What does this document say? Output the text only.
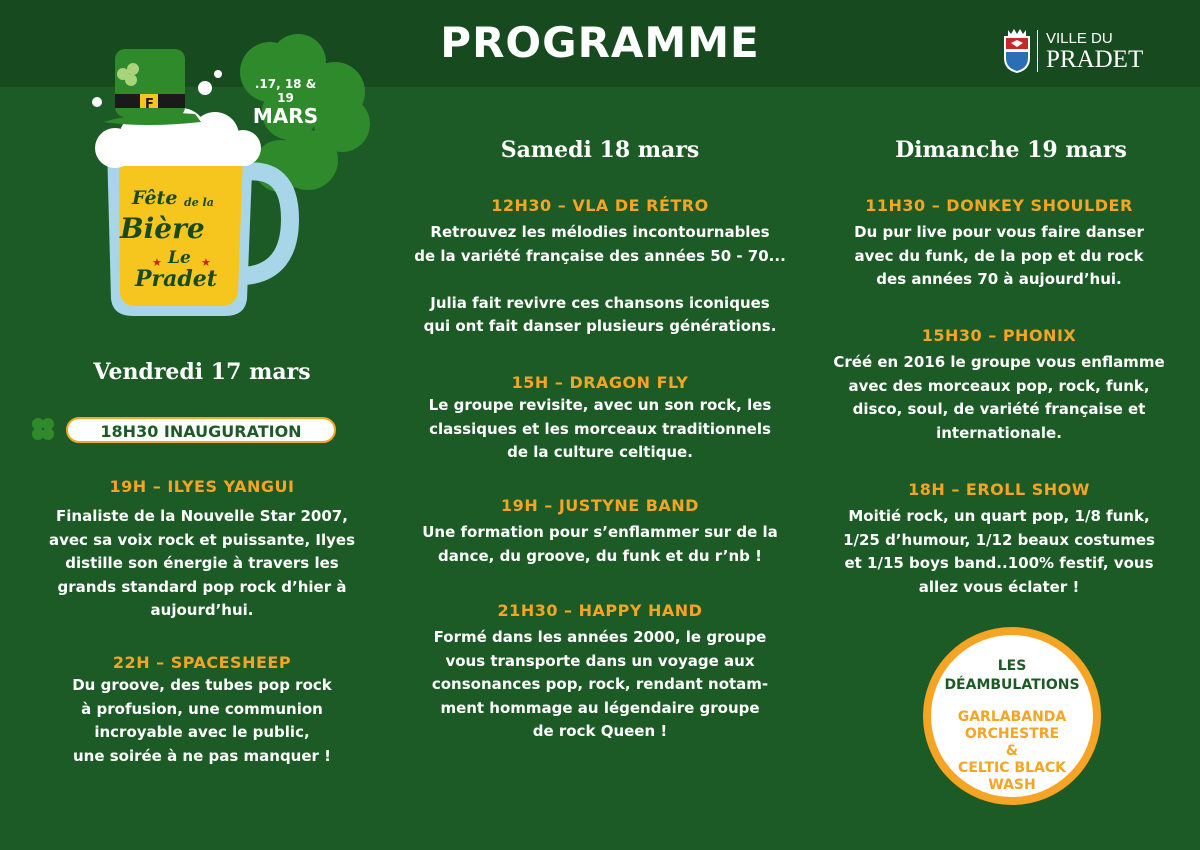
PROGRAMME	VILLE DU
PRADET
Fête de la
Bière
★ Le ★
Pradet
F
.17, 18 & 19
MARS
Vendredi 17 mars
18H30 INAUGURATION
19H – ILYES YANGUI
Finaliste de la Nouvelle Star 2007,
avec sa voix rock et puissante, Ilyes
distille son énergie à travers les
grands standard pop rock d’hier à
aujourd’hui.
22H – SPACESHEEP
Du groove, des tubes pop rock
à profusion, une communion
incroyable avec le public,
une soirée à ne pas manquer !
Samedi 18 mars
12H30 – VLA DE RÉTRO
Retrouvez les mélodies incontournables
de la variété française des années 50 - 70...

Julia fait revivre ces chansons iconiques
qui ont fait danser plusieurs générations.
15H – DRAGON FLY
Le groupe revisite, avec un son rock, les
classiques et les morceaux traditionnels
de la culture celtique.
19H – JUSTYNE BAND
Une formation pour s’enflammer sur de la
dance, du groove, du funk et du r’nb !
21H30 – HAPPY HAND
Formé dans les années 2000, le groupe
vous transporte dans un voyage aux
consonances pop, rock, rendant notam-
ment hommage au légendaire groupe
de rock Queen !
Dimanche 19 mars
11H30 – DONKEY SHOULDER
Du pur live pour vous faire danser
avec du funk, de la pop et du rock
des années 70 à aujourd’hui.
15H30 – PHONIX
Créé en 2016 le groupe vous enflamme
avec des morceaux pop, rock, funk,
disco, soul, de variété française et
internationale.
18H – EROLL SHOW
Moitié rock, un quart pop, 1/8 funk,
1/25 d’humour, 1/12 beaux costumes
et 1/15 boys band..100% festif, vous
allez vous éclater !
LES
DÉAMBULATIONS
GARLABANDA
ORCHESTRE
&
CELTIC BLACK
WASH
